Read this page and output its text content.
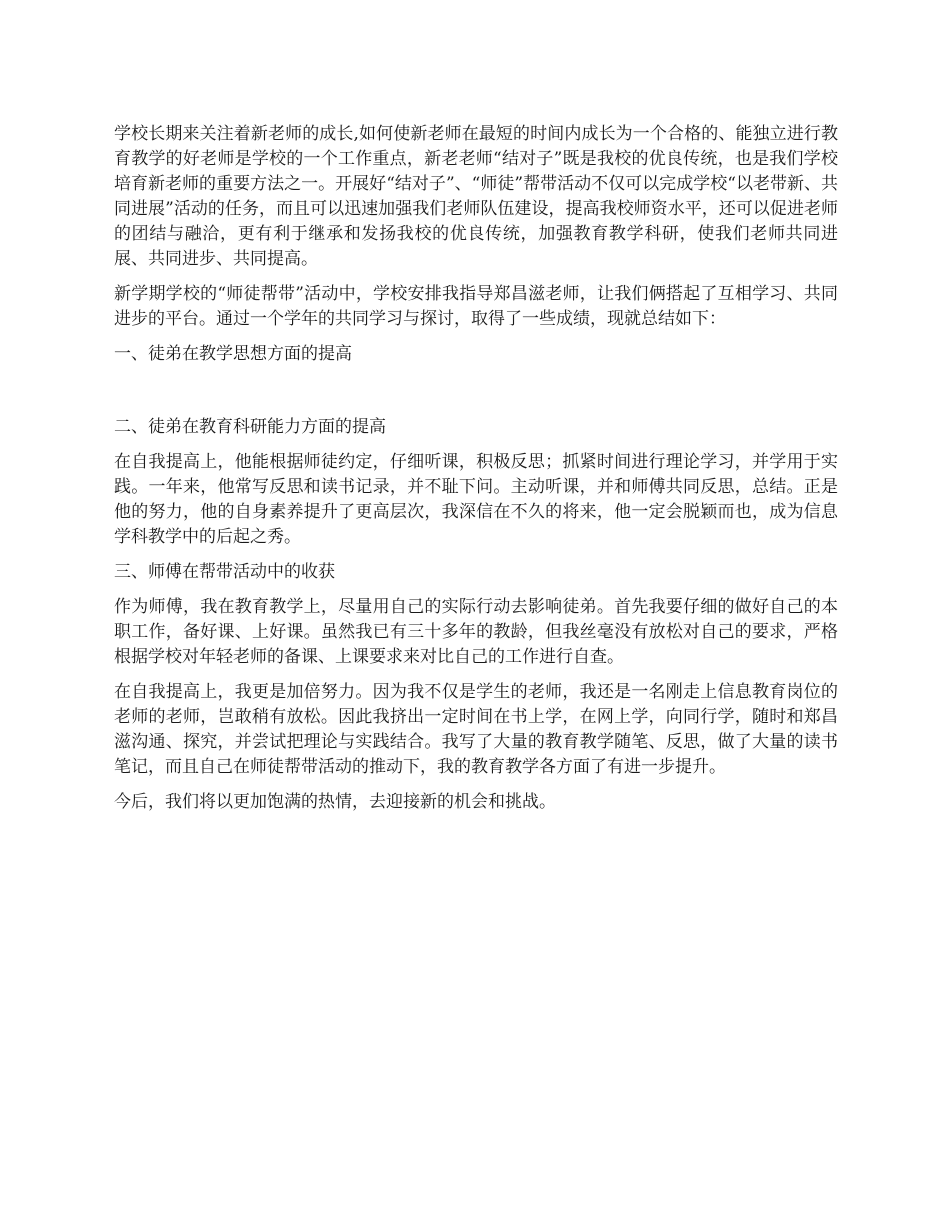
学校长期来关注着新老师的成长,如何使新老师在最短的时间内成长为一个合格的、能独立进行教育教学的好老师是学校的一个工作重点，新老老师“结对子”既是我校的优良传统，也是我们学校培育新老师的重要方法之一。开展好“结对子”、“师徒”帮带活动不仅可以完成学校“以老带新、共同进展”活动的任务，而且可以迅速加强我们老师队伍建设，提高我校师资水平，还可以促进老师的团结与融洽，更有利于继承和发扬我校的优良传统，加强教育教学科研，使我们老师共同进展、共同进步、共同提高。

新学期学校的“师徒帮带”活动中，学校安排我指导郑昌滋老师，让我们俩搭起了互相学习、共同进步的平台。通过一个学年的共同学习与探讨，取得了一些成绩，现就总结如下：

一、徒弟在教学思想方面的提高

二、徒弟在教育科研能力方面的提高

在自我提高上，他能根据师徒约定，仔细听课，积极反思；抓紧时间进行理论学习，并学用于实践。一年来，他常写反思和读书记录，并不耻下问。主动听课，并和师傅共同反思，总结。正是他的努力，他的自身素养提升了更高层次，我深信在不久的将来，他一定会脱颖而也，成为信息学科教学中的后起之秀。

三、师傅在帮带活动中的收获

作为师傅，我在教育教学上，尽量用自己的实际行动去影响徒弟。首先我要仔细的做好自己的本职工作，备好课、上好课。虽然我已有三十多年的教龄，但我丝毫没有放松对自己的要求，严格根据学校对年轻老师的备课、上课要求来对比自己的工作进行自查。

在自我提高上，我更是加倍努力。因为我不仅是学生的老师，我还是一名刚走上信息教育岗位的老师的老师，岂敢稍有放松。因此我挤出一定时间在书上学，在网上学，向同行学，随时和郑昌滋沟通、探究，并尝试把理论与实践结合。我写了大量的教育教学随笔、反思，做了大量的读书笔记，而且自己在师徒帮带活动的推动下，我的教育教学各方面了有进一步提升。

今后，我们将以更加饱满的热情，去迎接新的机会和挑战。
